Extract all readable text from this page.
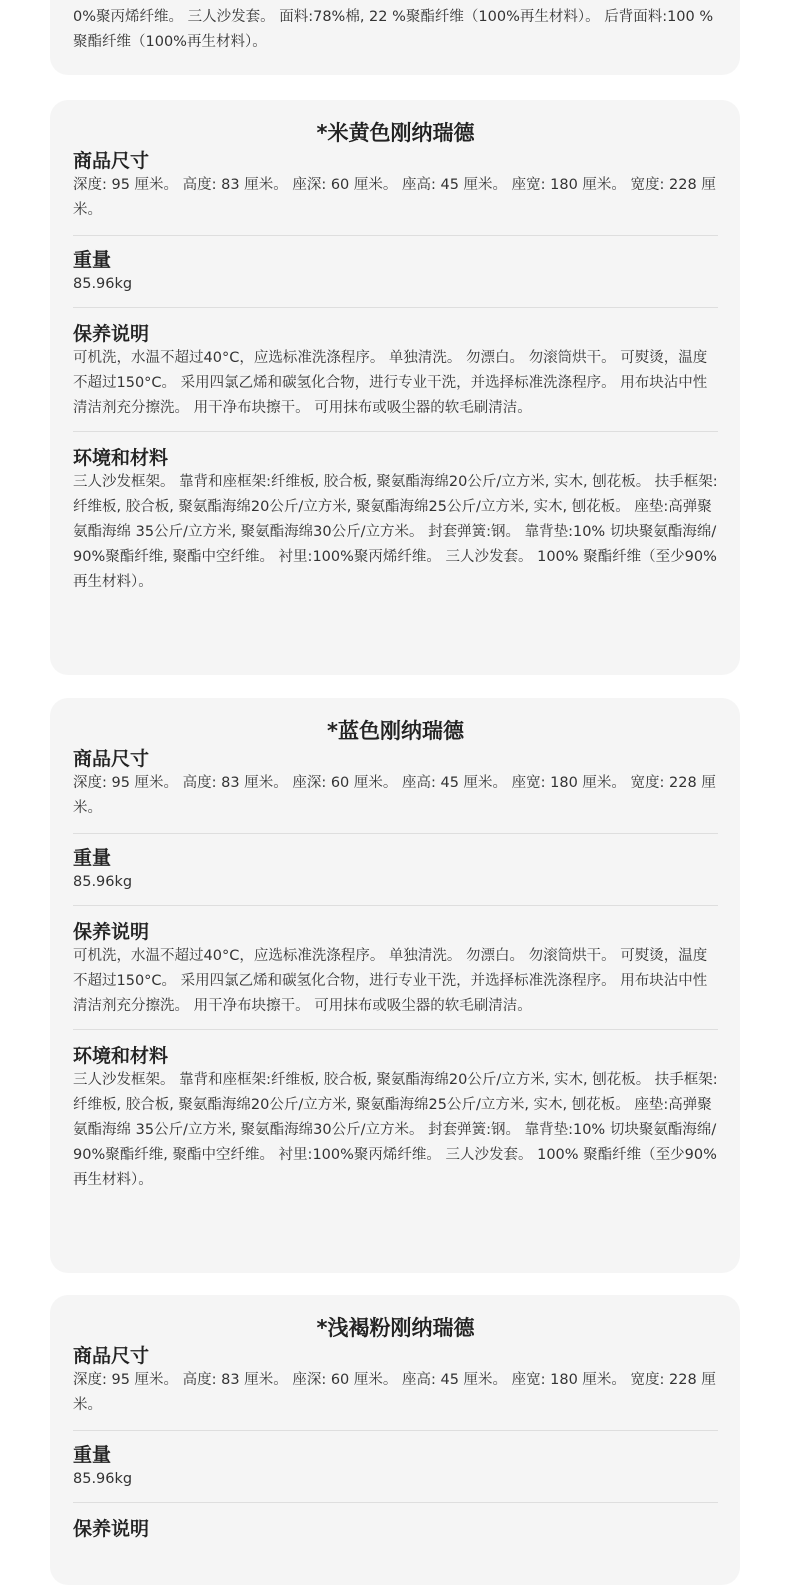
0%聚丙烯纤维。 三人沙发套。 面料:78%棉, 22 %聚酯纤维（100%再生材料）。 后背面料:100 %聚酯纤维（100%再生材料）。

*米黄色刚纳瑞德
商品尺寸

深度: 95 厘米。 高度: 83 厘米。 座深: 60 厘米。 座高: 45 厘米。 座宽: 180 厘米。 宽度: 228 厘米。

重量

85.96kg

保养说明

可机洗，水温不超过40°C，应选标准洗涤程序。 单独清洗。 勿漂白。 勿滚筒烘干。 可熨烫，温度不超过150°C。 采用四氯乙烯和碳氢化合物，进行专业干洗，并选择标准洗涤程序。 用布块沾中性清洁剂充分擦洗。 用干净布块擦干。 可用抹布或吸尘器的软毛刷清洁。

环境和材料

三人沙发框架。 靠背和座框架:纤维板, 胶合板, 聚氨酯海绵20公斤/立方米, 实木, 刨花板。 扶手框架:纤维板, 胶合板, 聚氨酯海绵20公斤/立方米, 聚氨酯海绵25公斤/立方米, 实木, 刨花板。 座垫:高弹聚氨酯海绵 35公斤/立方米, 聚氨酯海绵30公斤/立方米。 封套弹簧:钢。 靠背垫:10% 切块聚氨酯海绵/90%聚酯纤维, 聚酯中空纤维。 衬里:100%聚丙烯纤维。 三人沙发套。 100% 聚酯纤维（至少90%再生材料）。

*蓝色刚纳瑞德
商品尺寸

深度: 95 厘米。 高度: 83 厘米。 座深: 60 厘米。 座高: 45 厘米。 座宽: 180 厘米。 宽度: 228 厘米。

重量

85.96kg

保养说明

可机洗，水温不超过40°C，应选标准洗涤程序。 单独清洗。 勿漂白。 勿滚筒烘干。 可熨烫，温度不超过150°C。 采用四氯乙烯和碳氢化合物，进行专业干洗，并选择标准洗涤程序。 用布块沾中性清洁剂充分擦洗。 用干净布块擦干。 可用抹布或吸尘器的软毛刷清洁。

环境和材料

三人沙发框架。 靠背和座框架:纤维板, 胶合板, 聚氨酯海绵20公斤/立方米, 实木, 刨花板。 扶手框架:纤维板, 胶合板, 聚氨酯海绵20公斤/立方米, 聚氨酯海绵25公斤/立方米, 实木, 刨花板。 座垫:高弹聚氨酯海绵 35公斤/立方米, 聚氨酯海绵30公斤/立方米。 封套弹簧:钢。 靠背垫:10% 切块聚氨酯海绵/90%聚酯纤维, 聚酯中空纤维。 衬里:100%聚丙烯纤维。 三人沙发套。 100% 聚酯纤维（至少90%再生材料）。

*浅褐粉刚纳瑞德
商品尺寸

深度: 95 厘米。 高度: 83 厘米。 座深: 60 厘米。 座高: 45 厘米。 座宽: 180 厘米。 宽度: 228 厘米。

重量

85.96kg

保养说明
